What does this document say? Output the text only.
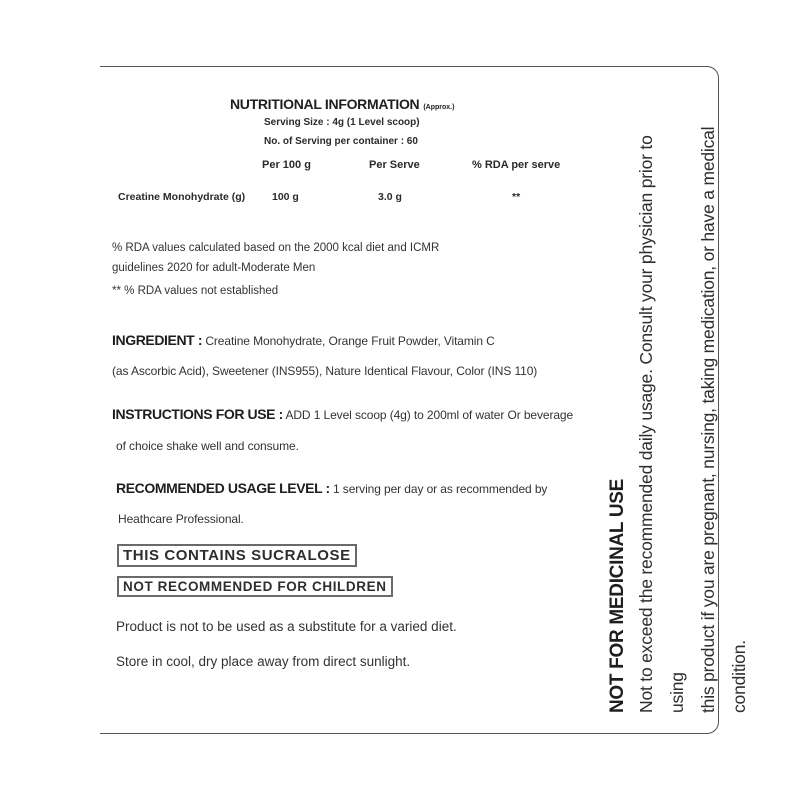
NUTRITIONAL INFORMATION (Approx.)
Serving Size : 4g (1 Level scoop)
No. of Serving per container : 60
Per 100 g	Per Serve	% RDA per serve
Creatine Monohydrate (g)	100 g	3.0 g	**
% RDA values calculated based on the 2000 kcal diet and ICMR
guidelines 2020 for adult-Moderate Men
** % RDA values not established
INGREDIENT : Creatine Monohydrate, Orange Fruit Powder, Vitamin C
(as Ascorbic Acid), Sweetener (INS955), Nature Identical Flavour, Color (INS 110)
INSTRUCTIONS FOR USE : ADD 1 Level scoop (4g) to 200ml of water Or beverage
of choice shake well and consume.
RECOMMENDED USAGE LEVEL : 1 serving per day or as recommended by
Heathcare Professional.
THIS CONTAINS SUCRALOSE
NOT RECOMMENDED FOR CHILDREN
Product is not to be used as a substitute for a varied diet.
Store in cool, dry place away from direct sunlight.	NOT FOR MEDICINAL USE Not to exceed the recommended daily usage. Consult your physician prior to using this product if you are pregnant, nursing, taking medication, or have a medical condition.
